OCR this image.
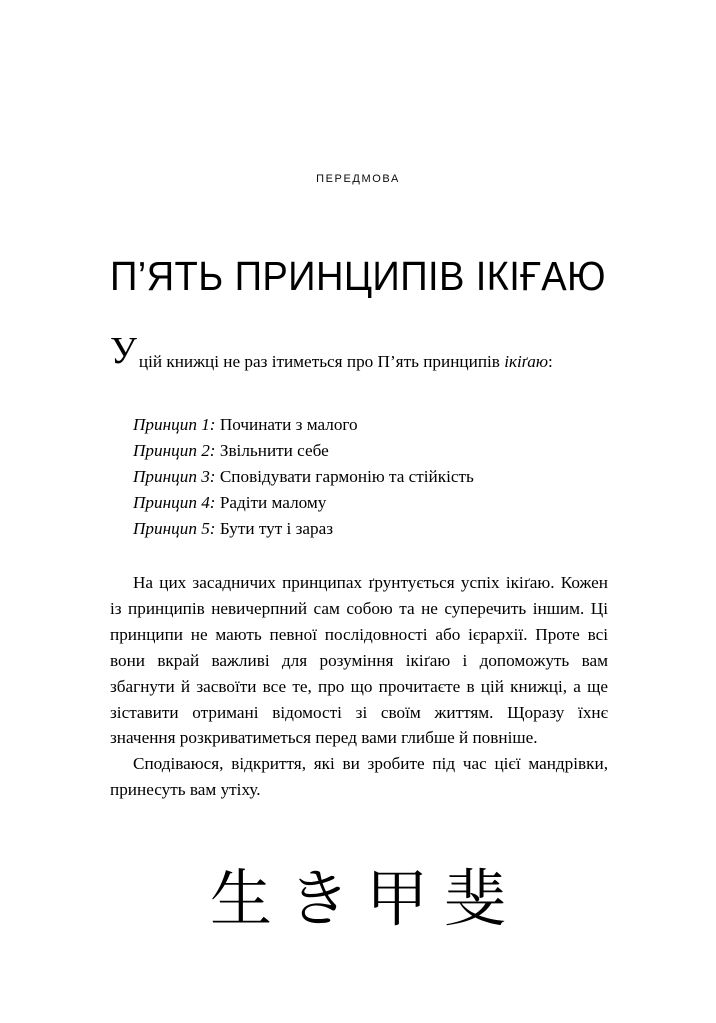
передмова
П’ЯТЬ ПРИНЦИПІВ ІКІҒАЮ

У цій книжці не раз ітиметься про П’ять принципів ікіґаю:

Принцип 1: Починати з малого
Принцип 2: Звільнити себе
Принцип 3: Сповідувати гармонію та стійкість
Принцип 4: Радіти малому
Принцип 5: Бути тут і зараз

На цих засадничих принципах ґрунтується успіх ікіґаю. Кожен із принципів невичерпний сам собою та не суперечить іншим. Ці принципи не мають певної послідовності або ієрархії. Проте всі вони вкрай важливі для розуміння ікіґаю і допоможуть вам збагнути й засвоїти все те, про що прочитаєте в цій книжці, а ще зіставити отримані відомості зі своїм життям. Щоразу їхнє значення розкриватиметься перед вами глибше й повніше.

Сподіваюся, відкриття, які ви зробите під час цієї мандрівки, принесуть вам утіху.

生き甲斐
